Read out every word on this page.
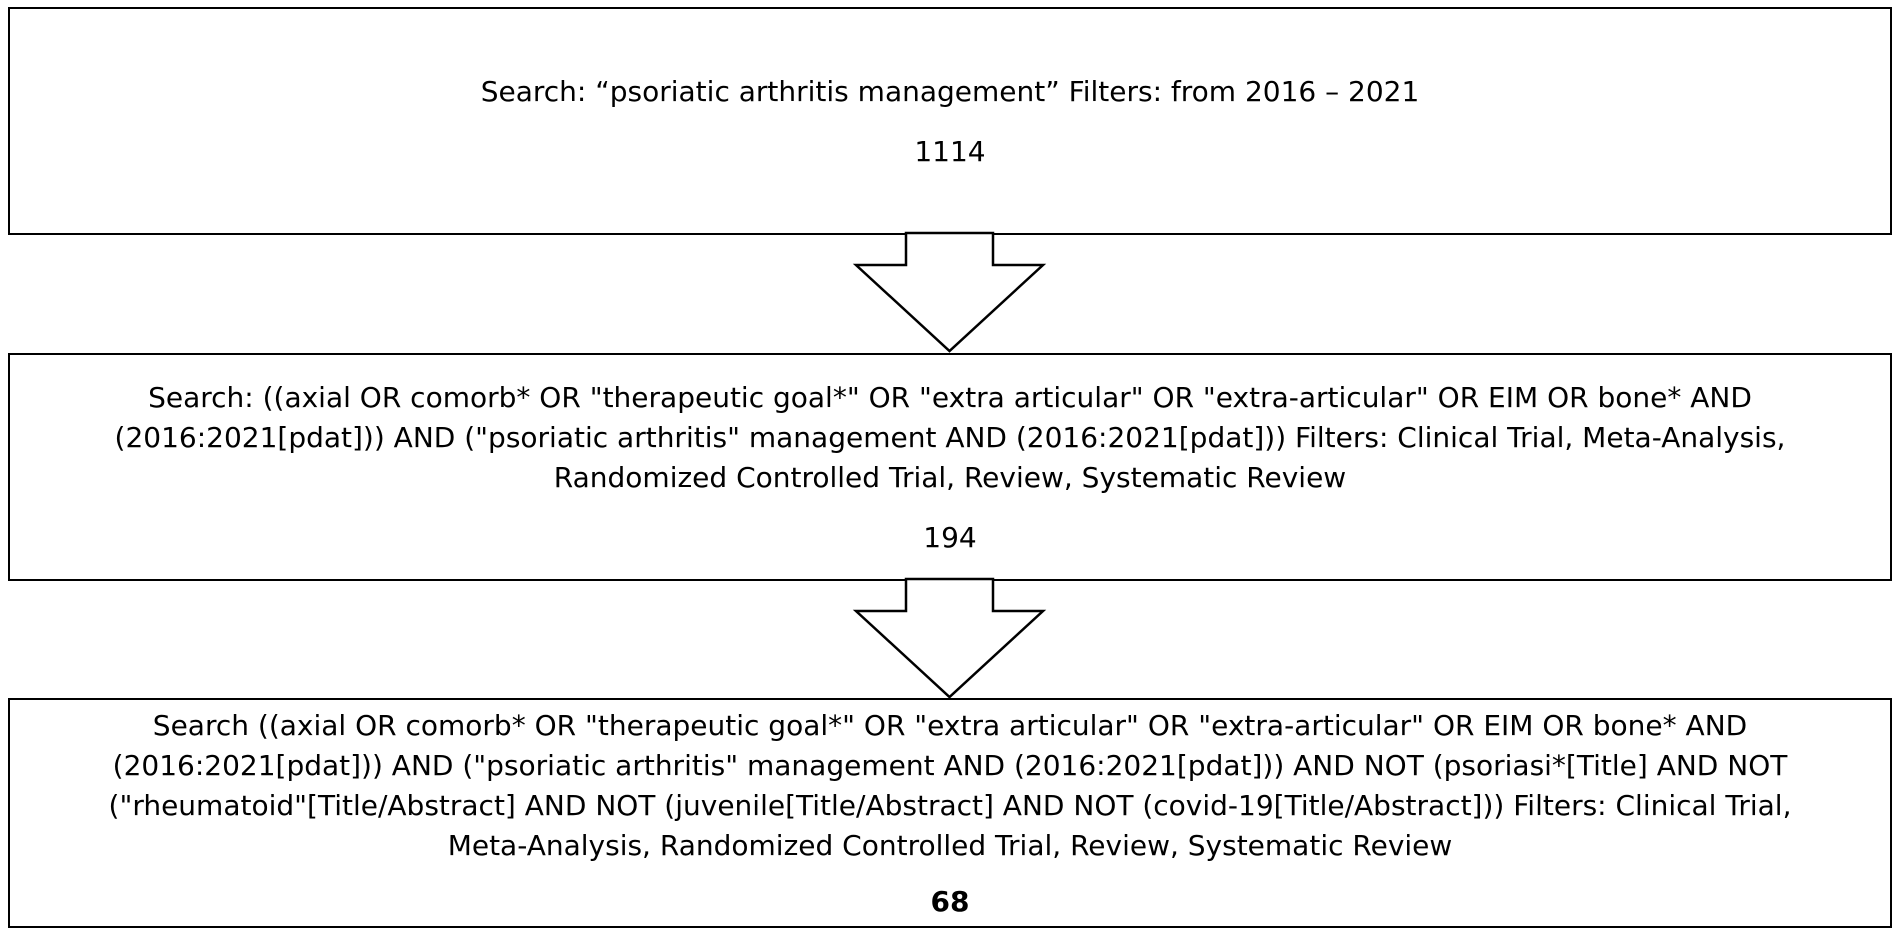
Search: “psoriatic arthritis management” Filters: from 2016 – 2021

1114

Search: ((axial OR comorb* OR "therapeutic goal*" OR "extra articular" OR "extra-articular" OR EIM OR bone* AND
(2016:2021[pdat])) AND ("psoriatic arthritis" management AND (2016:2021[pdat])) Filters: Clinical Trial, Meta-Analysis,
Randomized Controlled Trial, Review, Systematic Review

194

Search ((axial OR comorb* OR "therapeutic goal*" OR "extra articular" OR "extra-articular" OR EIM OR bone* AND
(2016:2021[pdat])) AND ("psoriatic arthritis" management AND (2016:2021[pdat])) AND NOT (psoriasi*[Title] AND NOT
("rheumatoid"[Title/Abstract] AND NOT (juvenile[Title/Abstract] AND NOT (covid-19[Title/Abstract])) Filters: Clinical Trial,
Meta-Analysis, Randomized Controlled Trial, Review, Systematic Review

68
